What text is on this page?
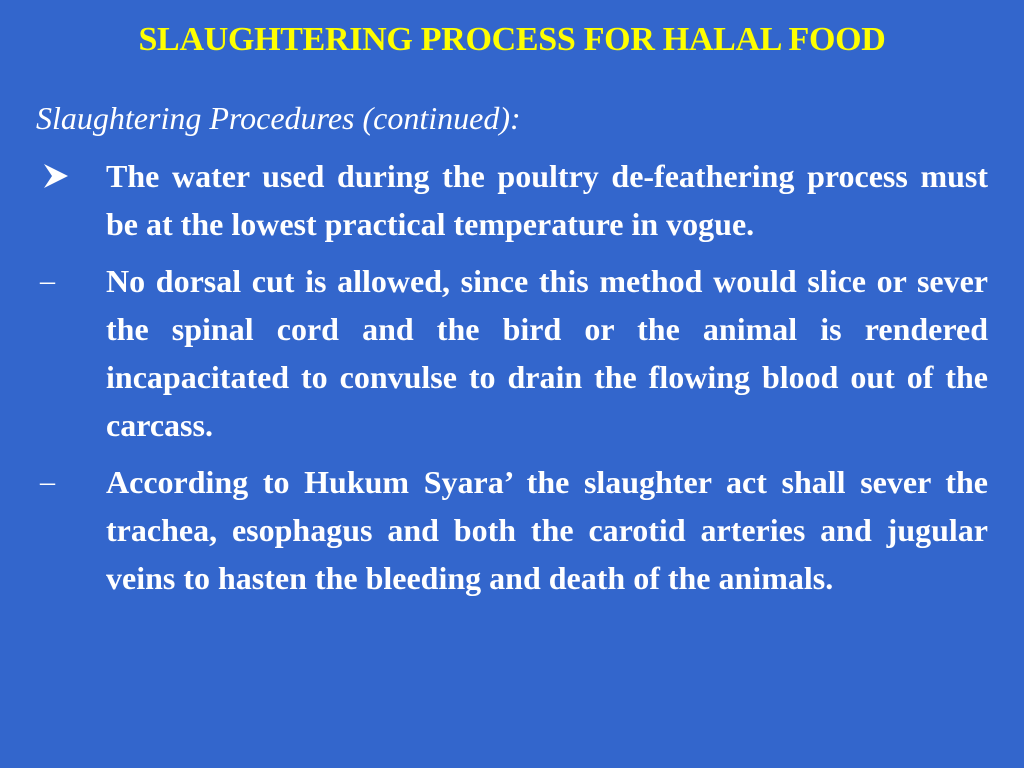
SLAUGHTERING PROCESS FOR HALAL FOOD
Slaughtering Procedures (continued):
The water used during the poultry de-feathering process must be at the lowest practical temperature in vogue.
–	No dorsal cut is allowed, since this method would slice or sever the spinal cord and the bird or the animal is rendered incapacitated to convulse to drain the flowing blood out of the carcass.
–	According to Hukum Syara’ the slaughter act shall sever the trachea, esophagus and both the carotid arteries and jugular veins to hasten the bleeding and death of the animals.
